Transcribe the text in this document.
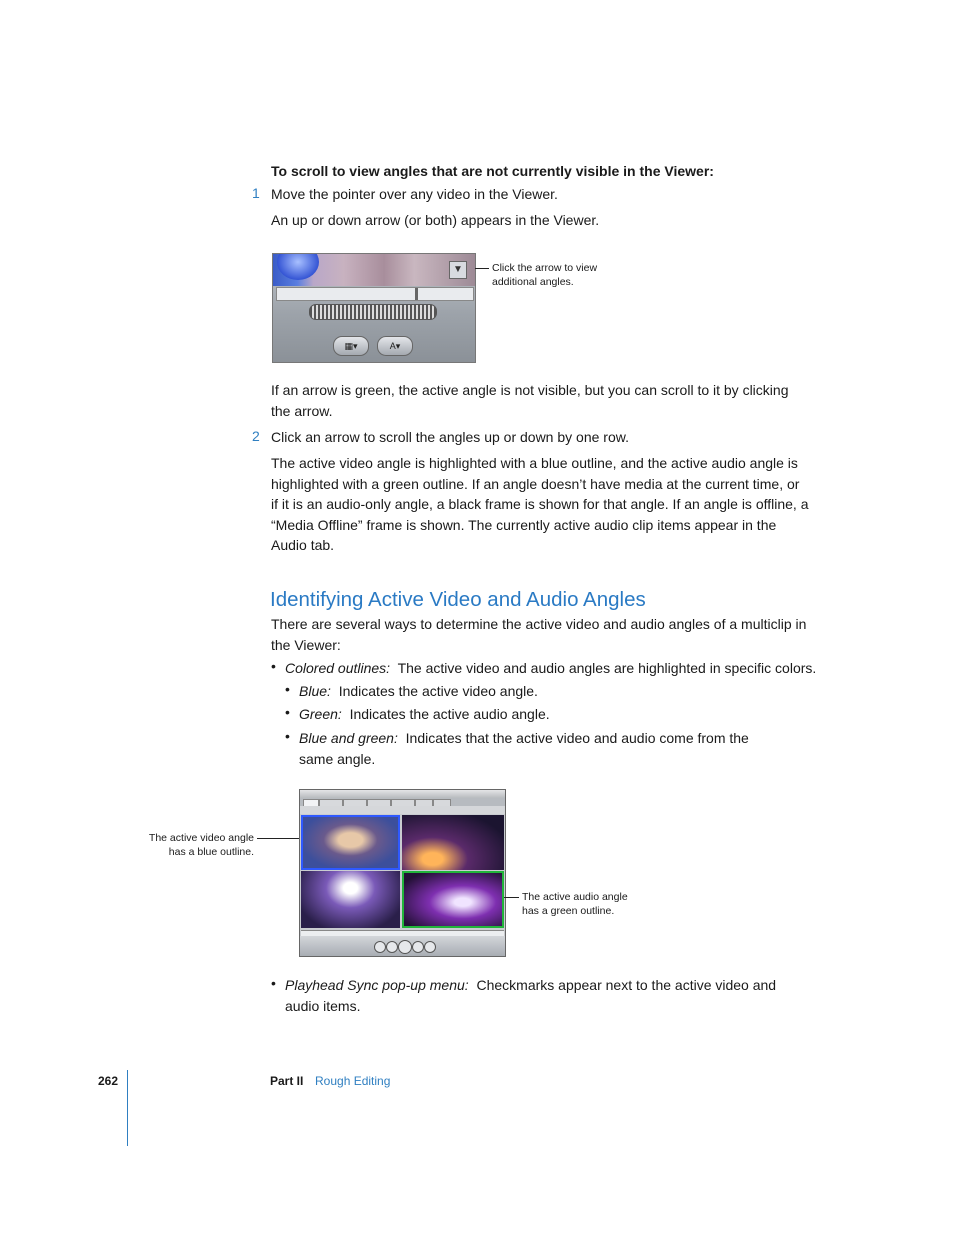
To scroll to view angles that are not currently visible in the Viewer:
1 Move the pointer over any video in the Viewer.
An up or down arrow (or both) appears in the Viewer.
▼
▦▾	A▾
Click the arrow to view
additional angles.
If an arrow is green, the active angle is not visible, but you can scroll to it by clicking
the arrow.
2 Click an arrow to scroll the angles up or down by one row.
The active video angle is highlighted with a blue outline, and the active audio angle is
highlighted with a green outline. If an angle doesn’t have media at the current time, or
if it is an audio-only angle, a black frame is shown for that angle. If an angle is offline, a
“Media Offline” frame is shown. The currently active audio clip items appear in the
Audio tab.
Identifying Active Video and Audio Angles
There are several ways to determine the active video and audio angles of a multiclip in
the Viewer:
• Colored outlines: The active video and audio angles are highlighted in specific colors.
• Blue: Indicates the active video angle.
• Green: Indicates the active audio angle.
• Blue and green: Indicates that the active video and audio come from the
same angle.
The active video angle
has a blue outline.
The active audio angle
has a green outline.
• Playhead Sync pop-up menu: Checkmarks appear next to the active video and
audio items.
262	Part II Rough Editing
